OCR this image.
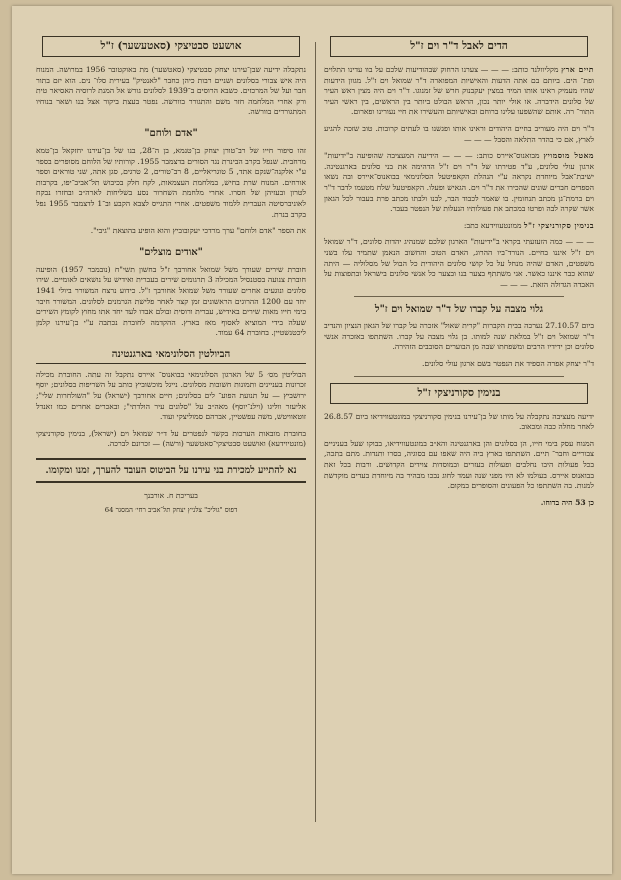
הדים לאבל ד"ר וים ז"ל

תיים ארץ מקליוולנד כותב: — — — צערנו הרחוק שבהודיעות שלכם על בוו עדינו התלוים ופת־ הים. ביותם בם אתה הדעות והאישיות המפוארה ד"ר שמואל וים ז"ל. מגוון הידעות שהיו מעמיק ראינו אותו המיד במצין יעקבנוק חרש של זמנוגו. ד"ר וים היה מצין ראש העיר של סלונים הידברה. או אולי יותר נכון, הראש הבולט ביותר בין הראשים, בין ראשי העיר התור־ רה. אותם שהשפעו עלינו ברוחם ובאישיותם והעשירו את חיי נעורינו ופארום.

ד"ר וים היה מעוריב בחיים היהודים וראינו אותו ופגשנו בו לעתים קרובות. טוב שזכה להגיע לארץ, אם כי בהדר התלאה והסבל — — —

מאטל מוסמויץ מבואנוס־איירס כותב: — — — הידיעה המעציבה שהופיעה ב"ידיעות" ארגון עולי סלונים, ע"ד פטירתו של ד"ר וים ז"ל הדהימה את בני סלונים בארגנטינה. ישיבת־אבל מיוחדת נקראה ע"י הנהלת הקאפיטעל הסלונימאי בבואנוס־איירס ובה נשאו הספדים חברים שונים שהכירו את ד"ר וים. הגאיש ופעלו. הקאפיטעל שלח מטעמו לדבר ד"ר וים ברמת־גן מכתב תנחומין. בו שאמר לכבוד הבר, לבנו ולבתו מכתב פרת בעבור לכל הגאון אשר שקרה לבה ופרטו במכתב את פעולותיו הנעלות של הנפטר בעבר.

בנימין סקורניצקי ז"ל ממונטעווידעא כתב:

— — — כמה הזעזעתי בקראי ב"ידיעות" הארגון שלכם שמנהיג יהדות סלונים, ד"ר שמואל וים ז"ל איננו בחיים. הנורד־ביו ההרוג, האדם הטוב והחשוב הנאמן שתמיד עלו בשני משפטים, האדם שהיה מנחל על כל קושי סלונים היהודית כל הבול של מסלוליה — היתה שהוא כבר איננו כאשר. אני משתתף בצער בנו ובצער כל אנשי סלונים בישראל ובתפוצות על האבדה הגדולה הזאת. — — —

גלוי מצבה על קברו של ד"ר שמואל וים ז"ל

ביום 27.10.57 נערכה בבית הקברות "קרית שאול" אזכרה על קברו של הגאון הנציון והנדיב ד"ר שמואל וים ז"ל במלאת שנה למותו. בן גלוי מצבה על קברו. השתתפו באזכרה אנשי סלונים וכן ידידיו הרבים ומשפחתו שבה מן הבוערים הסובבים הזהירה.

ד"ר יצחק אפרה הספיד את הנפטר בשם ארגון עולי סלונים.

בנימין סקורניצקי ז"ל

ידיעה מעציבה נתקבלה על מותו של בן־עירנו בנימין סקורניצקי במונטעווידיאו ביום 26.8.57 לאחר מחלה כבה ומכאוב.

המנוח עסק בימי חייו, הן בסלונים והן בארגנטינה והא״ב במונטעווידיאו, בבוקו שעל בעניניים צבוריים וחבר־ תיים. השתתפו בארץ ביה היה שאפו עם בסוגיה, בסרו ותנדות. מתם בתכה, בכל פעולות היבו נחלבים ופעולות בעזרים ובמוסדות צוידים הקדושים. ורבות בכל זאת בבואנוס איירס. בעולמו לא היו מפני שנה ועמד לחוג נבכו מבהיר בה מיוחדת בעדים מוקדשת למנות. בה השתתפו כל הפעונים והסופרים במקום.

כן 53 היה בדוחו.
אושעט סבטיצקי (סאטעשער) ז"ל

נתקבלה ידיעה שבן־עירנו יצחק סבטיצקי (סאטשער) מת באוקטובר 1956 במרושה. המנוח היה איש צבורי בסלונים ושניים רבות כיהן כחבר "לאנטיק" בעירית סלו־ נים. הוא יזם בתור חבר ועל של המרכזים. כשבא הרוסים ב־1939 לסלונים גורש אל המנת לרוסיה האסיאר טית ורק אחרי המלחמה חזר משם והתגורר בוורשה. נפטר בעצת ביקור אצל בנו ושאר בנוחיו המתגוררים בוורשה.

"אדם ולוחם"

זהו סיפור חייו של רב־טורן יצחק בן־טנמא, בן ה־28, בנו של בן־עירנו יחזקאל בן־טמא מרחבית. שנפל בקרב הבינרת נגד הסורים בדצמבר 1955. קורותיו של הלוחם מסופרים בספר ע"י אלקנה־שנקם אתד, 5 טוגריאליים, 8 רב־טורים, 2 טרגים, סגן אתה, שני טוראים וספר אורחים. המנוח שרת בחיש, במלחמת העצמאות, לקח חלק בכיבוש תל־אביב־יפו, בקרבות לטרון ובעזיהן של חסרו. אחרי מלחמת השחרור נסע בשליחות לארה״ב ובחזרו נבקח לאוניברסיטה העברית ללמוד משפטים. אחרי התגייס לצבא הקבע וב־1 לדצמבר 1955 נפל בקרב בנרת.

את הספר "אדם ולוחם" ערך מרדכי יעקובוביץ והוא הופיע בהוצאת "גיבי".

"אודים מוצלים"

חוברת שירים שעורך משל שמואל אחורבך ז"ל בחשון תשי"ח (נובמבר 1957) הופיעה חוברת צנועה בסטנסיל המכילה 3 תרגומים שירים בעברית ואידיש על נושאים לאומיים. שירו סלונים ונוגעים אחרים שעורר משל שמואל אחורבך ז"ל. כידוע נרצח המשורר ביולי 1941 יחד עם 1200 ההרוגים הראשונים זמן קצר לאחר פלישת הגרמנים לסלונים. המשורר חיבר בימי חייו מאות שירים באידיש, עברית ורוסית ובולם אבדו לעד יחד אתו מחוץ לקומץ השירים שעלה בידי המוציא לאסוף מאז בארץ. ההקדמה לחוברת נכתבה ע"י בן־עירנו קלמן ליכטנשטיין. בחוברת 64 עמוד.

הביולטין הסלונימאי בארגנטינה

הבוליטין מס׳ 5 של הארגון הסלונימאי בבואנוס־ איירס נתקבל זה עתה. החוברת מכילה זכרונות בעניינים ותמונות חשובות מסלונים. נייגל מוכשוביץ כותב על השריפות בסלונים; יוסף ירושביץ — על תנועת הפוע־ לים בסלונים; חיים אחורבך (ישראל) על "השולחרות שלי"; אליעזר ווליגו (וילנ־יוסף) מאה״ב על "סלונים עיר הולדתי"; ובאכרים אחרים כמו זאנדל זוטאוויטש, משה עפשטיין, אברהם סמוליצקי ועוד.

בחוברת מובאות הערכות בקשר לנפטרים על ד״ר שמואל וים (ישראל), בנימין סקורניצקי (מונטיוידעא) ואושעט סבטיצקי־סאטשער (ורשה) — זכרונם לברכה.

נא להתייע למכירת בני עירנו על הביטוס העובד להערך, זמנו ומקומו.
בעריכת ח. אורבנך
דפוס "גוליכ" צלניץ יצחק תל־אביב רחי׳ המסגר 64
